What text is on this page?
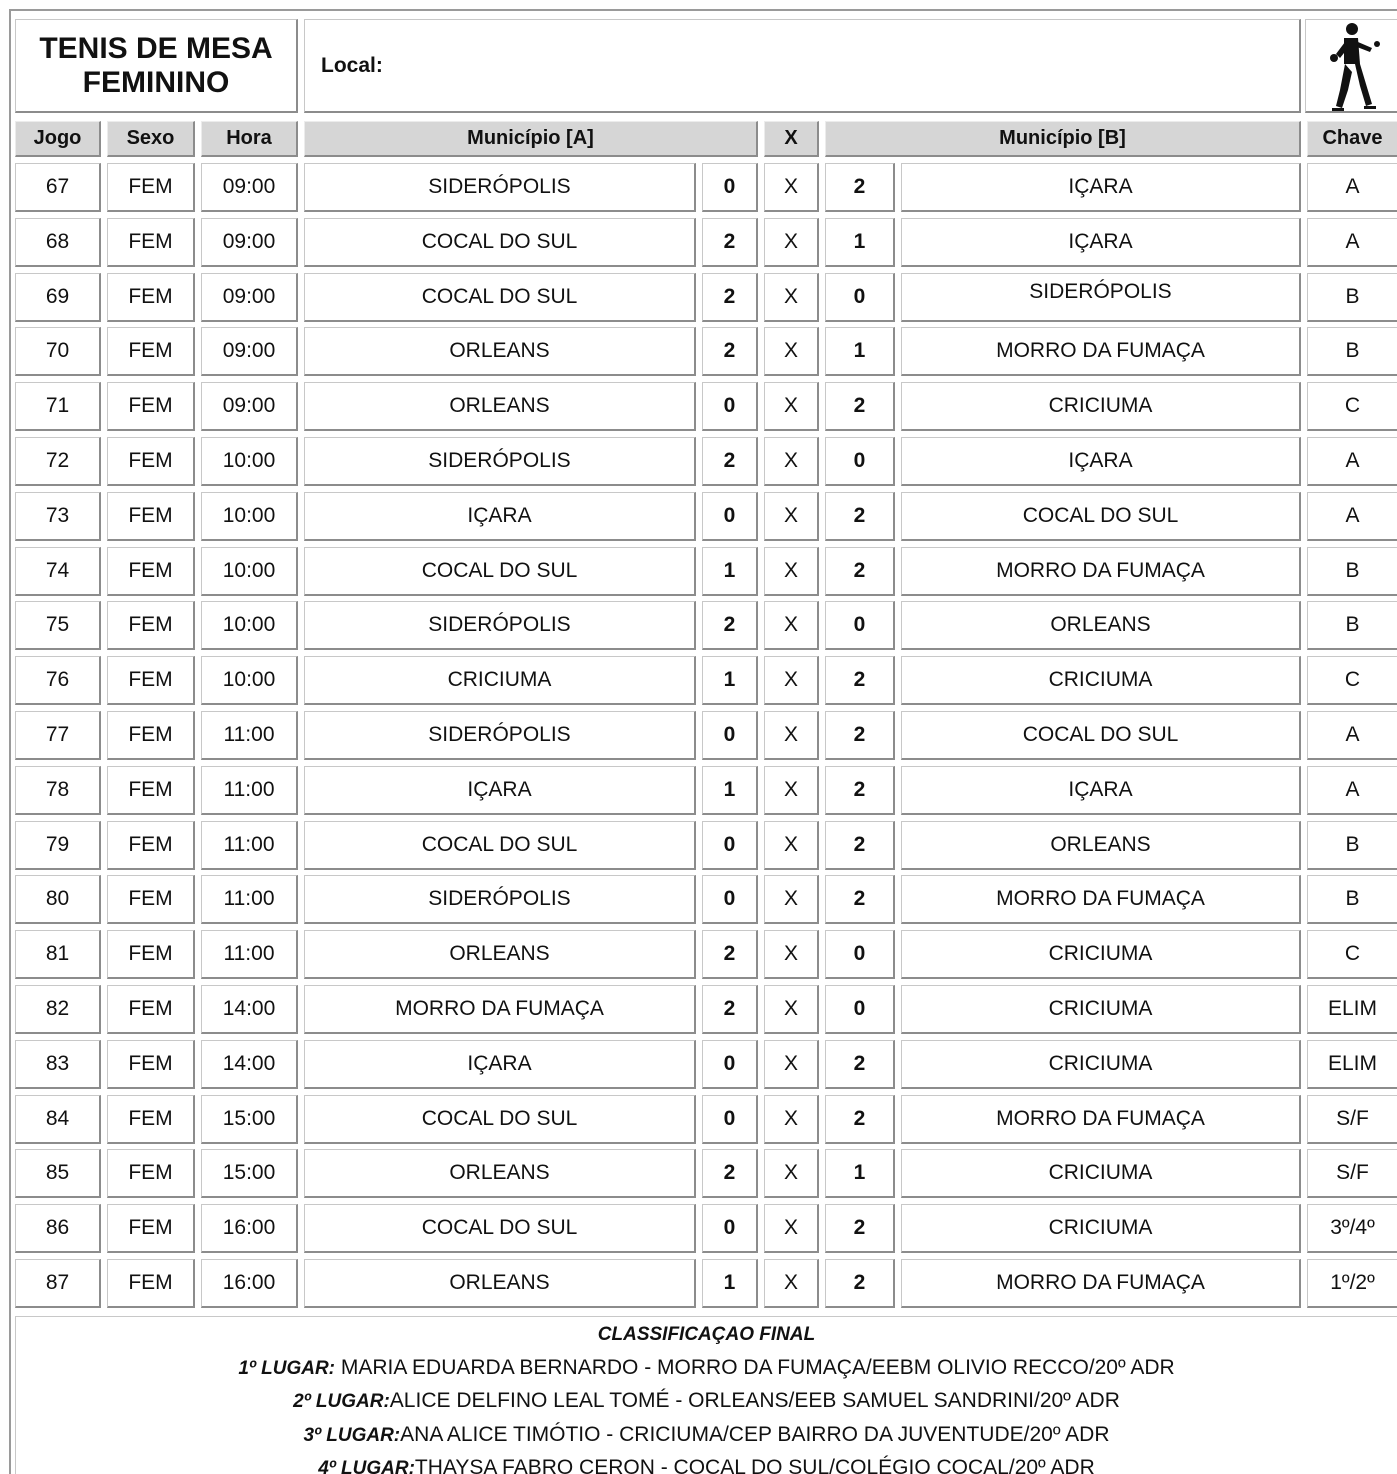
TENIS DE MESA
FEMININO
Local:
Jogo	Sexo	Hora	Município [A]	X	Município [B]	Chave
67	FEM	09:00	SIDERÓPOLIS	0	X	2	IÇARA	A
68	FEM	09:00	COCAL DO SUL	2	X	1	IÇARA	A
69	FEM	09:00	COCAL DO SUL	2	X	0	SIDERÓPOLIS	B
70	FEM	09:00	ORLEANS	2	X	1	MORRO DA FUMAÇA	B
71	FEM	09:00	ORLEANS	0	X	2	CRICIUMA	C
72	FEM	10:00	SIDERÓPOLIS	2	X	0	IÇARA	A
73	FEM	10:00	IÇARA	0	X	2	COCAL DO SUL	A
74	FEM	10:00	COCAL DO SUL	1	X	2	MORRO DA FUMAÇA	B
75	FEM	10:00	SIDERÓPOLIS	2	X	0	ORLEANS	B
76	FEM	10:00	CRICIUMA	1	X	2	CRICIUMA	C
77	FEM	11:00	SIDERÓPOLIS	0	X	2	COCAL DO SUL	A
78	FEM	11:00	IÇARA	1	X	2	IÇARA	A
79	FEM	11:00	COCAL DO SUL	0	X	2	ORLEANS	B
80	FEM	11:00	SIDERÓPOLIS	0	X	2	MORRO DA FUMAÇA	B
81	FEM	11:00	ORLEANS	2	X	0	CRICIUMA	C
82	FEM	14:00	MORRO DA FUMAÇA	2	X	0	CRICIUMA	ELIM
83	FEM	14:00	IÇARA	0	X	2	CRICIUMA	ELIM
84	FEM	15:00	COCAL DO SUL	0	X	2	MORRO DA FUMAÇA	S/F
85	FEM	15:00	ORLEANS	2	X	1	CRICIUMA	S/F
86	FEM	16:00	COCAL DO SUL	0	X	2	CRICIUMA	3º/4º
87	FEM	16:00	ORLEANS	1	X	2	MORRO DA FUMAÇA	1º/2º
CLASSIFICAÇAO FINAL
1º LUGAR: MARIA EDUARDA BERNARDO - MORRO DA FUMAÇA/EEBM OLIVIO RECCO/20º ADR
2º LUGAR:ALICE DELFINO LEAL TOMÉ - ORLEANS/EEB SAMUEL SANDRINI/20º ADR
3º LUGAR:ANA ALICE TIMÓTIO - CRICIUMA/CEP BAIRRO DA JUVENTUDE/20º ADR
4º LUGAR:THAYSA FABRO CERON - COCAL DO SUL/COLÉGIO COCAL/20º ADR
